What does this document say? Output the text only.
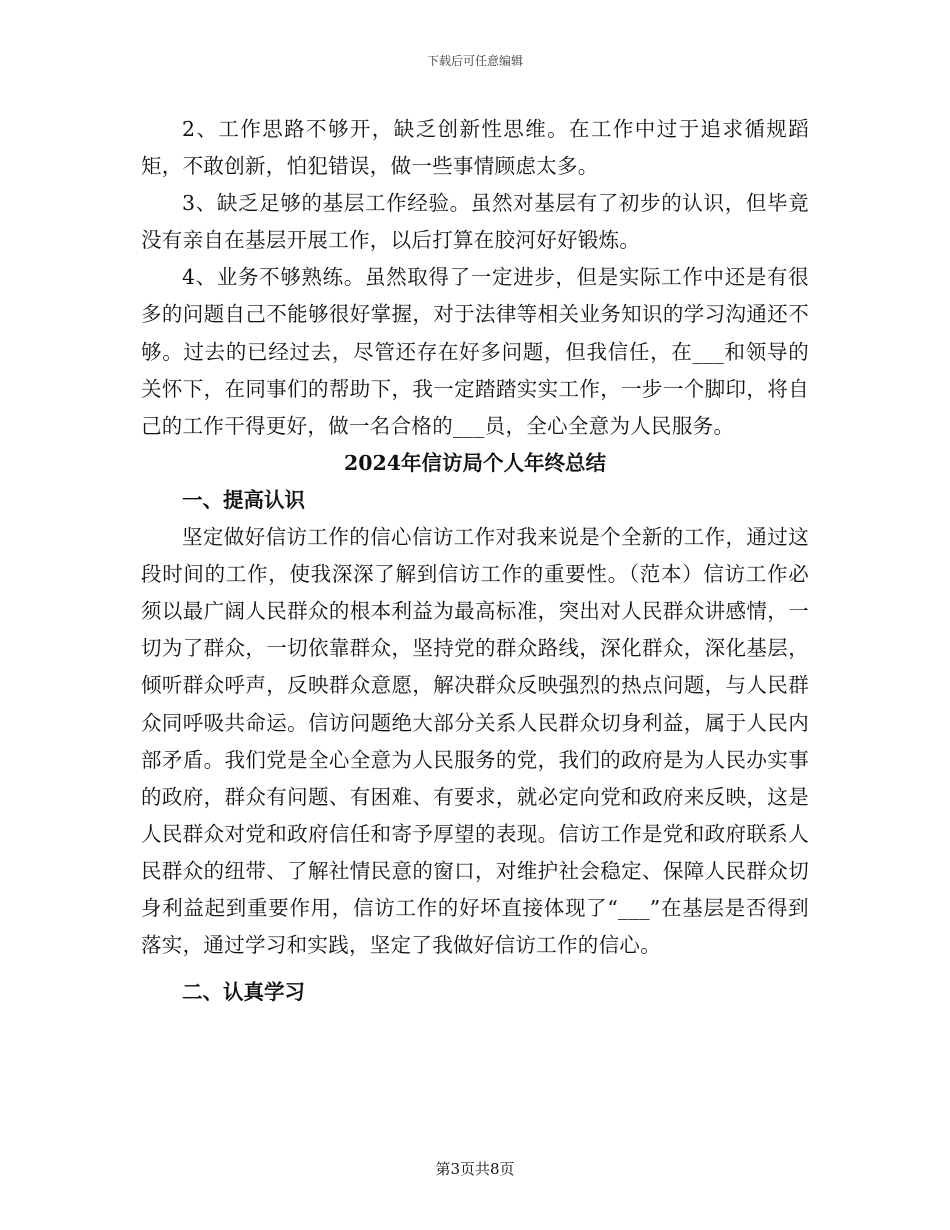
下载后可任意编辑

2、工作思路不够开，缺乏创新性思维。在工作中过于追求循规蹈矩，不敢创新，怕犯错误，做一些事情顾虑太多。

3、缺乏足够的基层工作经验。虽然对基层有了初步的认识，但毕竟没有亲自在基层开展工作，以后打算在胶河好好锻炼。

4、业务不够熟练。虽然取得了一定进步，但是实际工作中还是有很多的问题自己不能够很好掌握，对于法律等相关业务知识的学习沟通还不够。过去的已经过去，尽管还存在好多问题，但我信任，在___和领导的关怀下，在同事们的帮助下，我一定踏踏实实工作，一步一个脚印，将自己的工作干得更好，做一名合格的___员，全心全意为人民服务。

2024年信访局个人年终总结

一、提高认识

坚定做好信访工作的信心信访工作对我来说是个全新的工作，通过这段时间的工作，使我深深了解到信访工作的重要性。（范本）信访工作必须以最广阔人民群众的根本利益为最高标准，突出对人民群众讲感情，一切为了群众，一切依靠群众，坚持党的群众路线，深化群众，深化基层，倾听群众呼声，反映群众意愿，解决群众反映强烈的热点问题，与人民群众同呼吸共命运。信访问题绝大部分关系人民群众切身利益，属于人民内部矛盾。我们党是全心全意为人民服务的党，我们的政府是为人民办实事的政府，群众有问题、有困难、有要求，就必定向党和政府来反映，这是人民群众对党和政府信任和寄予厚望的表现。信访工作是党和政府联系人民群众的纽带、了解社情民意的窗口，对维护社会稳定、保障人民群众切身利益起到重要作用，信访工作的好坏直接体现了“___”在基层是否得到落实，通过学习和实践，坚定了我做好信访工作的信心。

二、认真学习

第3页共8页
